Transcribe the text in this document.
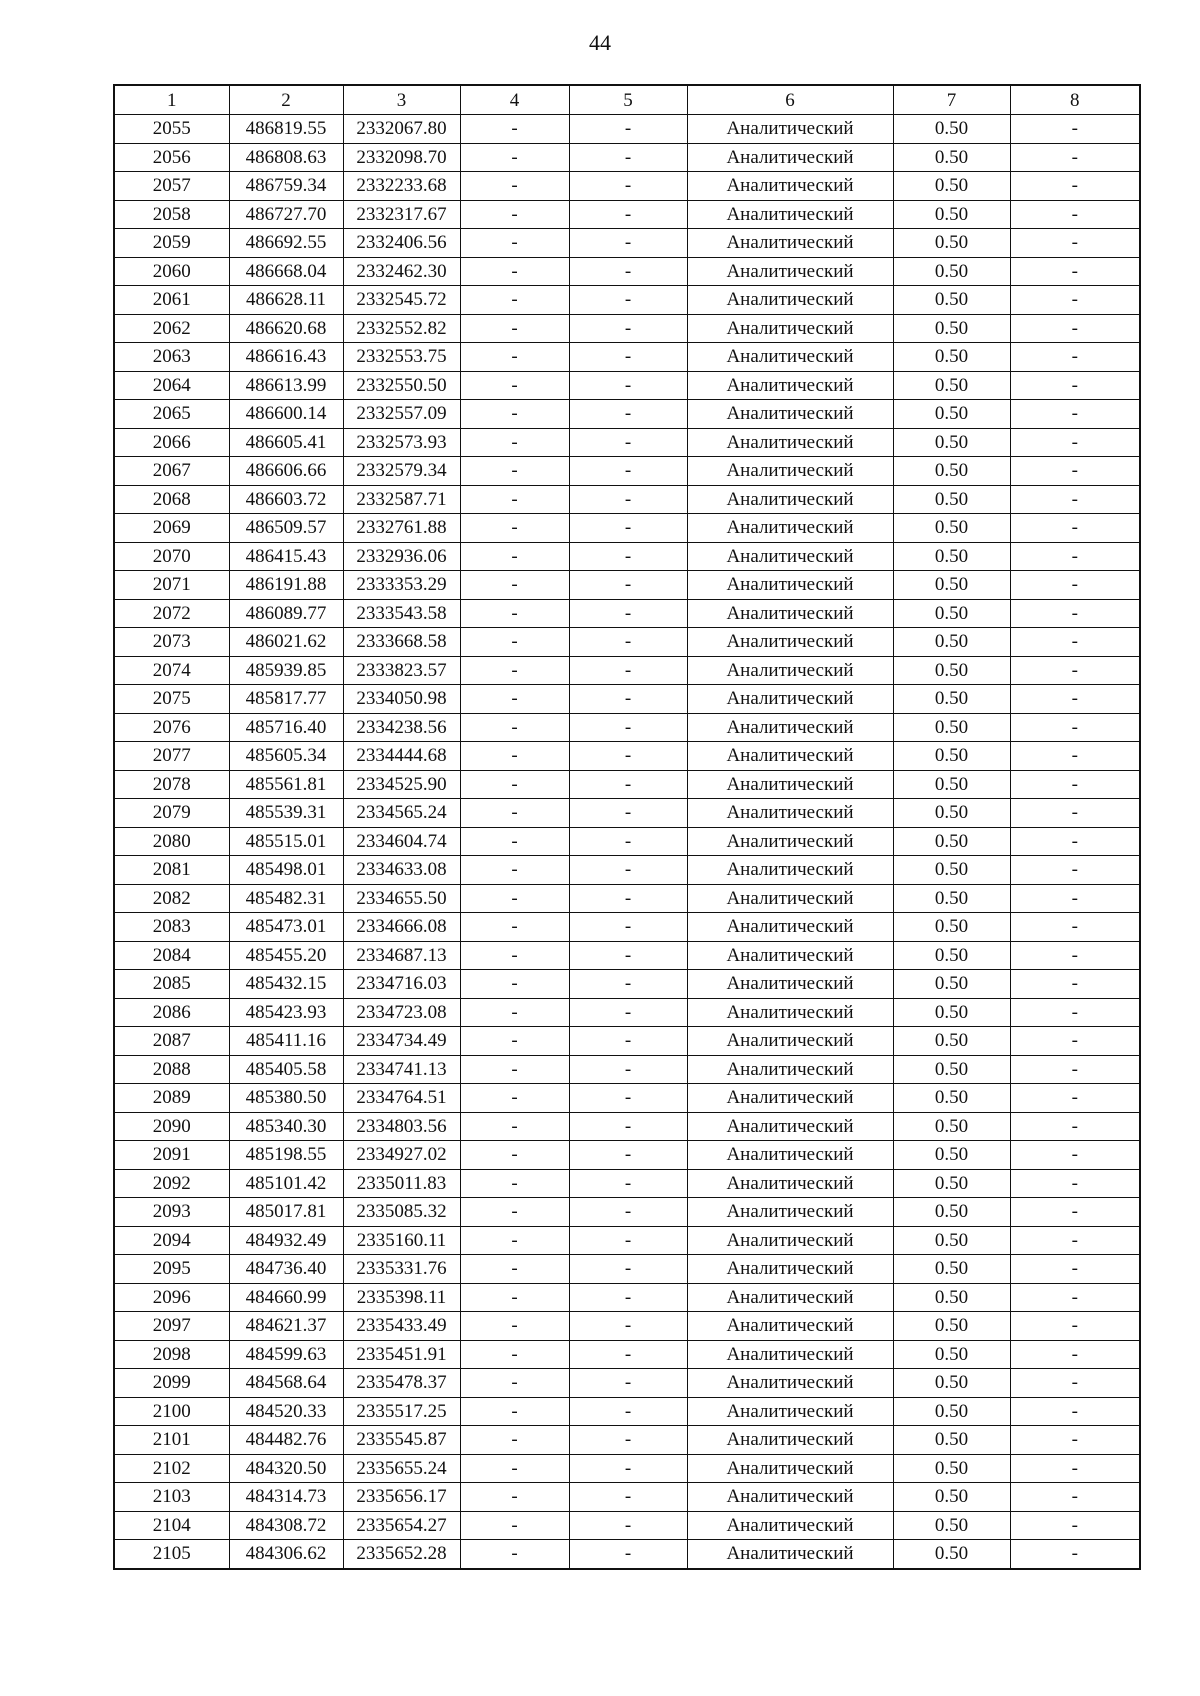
44
1	2	3	4	5	6	7	8
2055	486819.55	2332067.80	-	-	Аналитический	0.50	-
2056	486808.63	2332098.70	-	-	Аналитический	0.50	-
2057	486759.34	2332233.68	-	-	Аналитический	0.50	-
2058	486727.70	2332317.67	-	-	Аналитический	0.50	-
2059	486692.55	2332406.56	-	-	Аналитический	0.50	-
2060	486668.04	2332462.30	-	-	Аналитический	0.50	-
2061	486628.11	2332545.72	-	-	Аналитический	0.50	-
2062	486620.68	2332552.82	-	-	Аналитический	0.50	-
2063	486616.43	2332553.75	-	-	Аналитический	0.50	-
2064	486613.99	2332550.50	-	-	Аналитический	0.50	-
2065	486600.14	2332557.09	-	-	Аналитический	0.50	-
2066	486605.41	2332573.93	-	-	Аналитический	0.50	-
2067	486606.66	2332579.34	-	-	Аналитический	0.50	-
2068	486603.72	2332587.71	-	-	Аналитический	0.50	-
2069	486509.57	2332761.88	-	-	Аналитический	0.50	-
2070	486415.43	2332936.06	-	-	Аналитический	0.50	-
2071	486191.88	2333353.29	-	-	Аналитический	0.50	-
2072	486089.77	2333543.58	-	-	Аналитический	0.50	-
2073	486021.62	2333668.58	-	-	Аналитический	0.50	-
2074	485939.85	2333823.57	-	-	Аналитический	0.50	-
2075	485817.77	2334050.98	-	-	Аналитический	0.50	-
2076	485716.40	2334238.56	-	-	Аналитический	0.50	-
2077	485605.34	2334444.68	-	-	Аналитический	0.50	-
2078	485561.81	2334525.90	-	-	Аналитический	0.50	-
2079	485539.31	2334565.24	-	-	Аналитический	0.50	-
2080	485515.01	2334604.74	-	-	Аналитический	0.50	-
2081	485498.01	2334633.08	-	-	Аналитический	0.50	-
2082	485482.31	2334655.50	-	-	Аналитический	0.50	-
2083	485473.01	2334666.08	-	-	Аналитический	0.50	-
2084	485455.20	2334687.13	-	-	Аналитический	0.50	-
2085	485432.15	2334716.03	-	-	Аналитический	0.50	-
2086	485423.93	2334723.08	-	-	Аналитический	0.50	-
2087	485411.16	2334734.49	-	-	Аналитический	0.50	-
2088	485405.58	2334741.13	-	-	Аналитический	0.50	-
2089	485380.50	2334764.51	-	-	Аналитический	0.50	-
2090	485340.30	2334803.56	-	-	Аналитический	0.50	-
2091	485198.55	2334927.02	-	-	Аналитический	0.50	-
2092	485101.42	2335011.83	-	-	Аналитический	0.50	-
2093	485017.81	2335085.32	-	-	Аналитический	0.50	-
2094	484932.49	2335160.11	-	-	Аналитический	0.50	-
2095	484736.40	2335331.76	-	-	Аналитический	0.50	-
2096	484660.99	2335398.11	-	-	Аналитический	0.50	-
2097	484621.37	2335433.49	-	-	Аналитический	0.50	-
2098	484599.63	2335451.91	-	-	Аналитический	0.50	-
2099	484568.64	2335478.37	-	-	Аналитический	0.50	-
2100	484520.33	2335517.25	-	-	Аналитический	0.50	-
2101	484482.76	2335545.87	-	-	Аналитический	0.50	-
2102	484320.50	2335655.24	-	-	Аналитический	0.50	-
2103	484314.73	2335656.17	-	-	Аналитический	0.50	-
2104	484308.72	2335654.27	-	-	Аналитический	0.50	-
2105	484306.62	2335652.28	-	-	Аналитический	0.50	-
